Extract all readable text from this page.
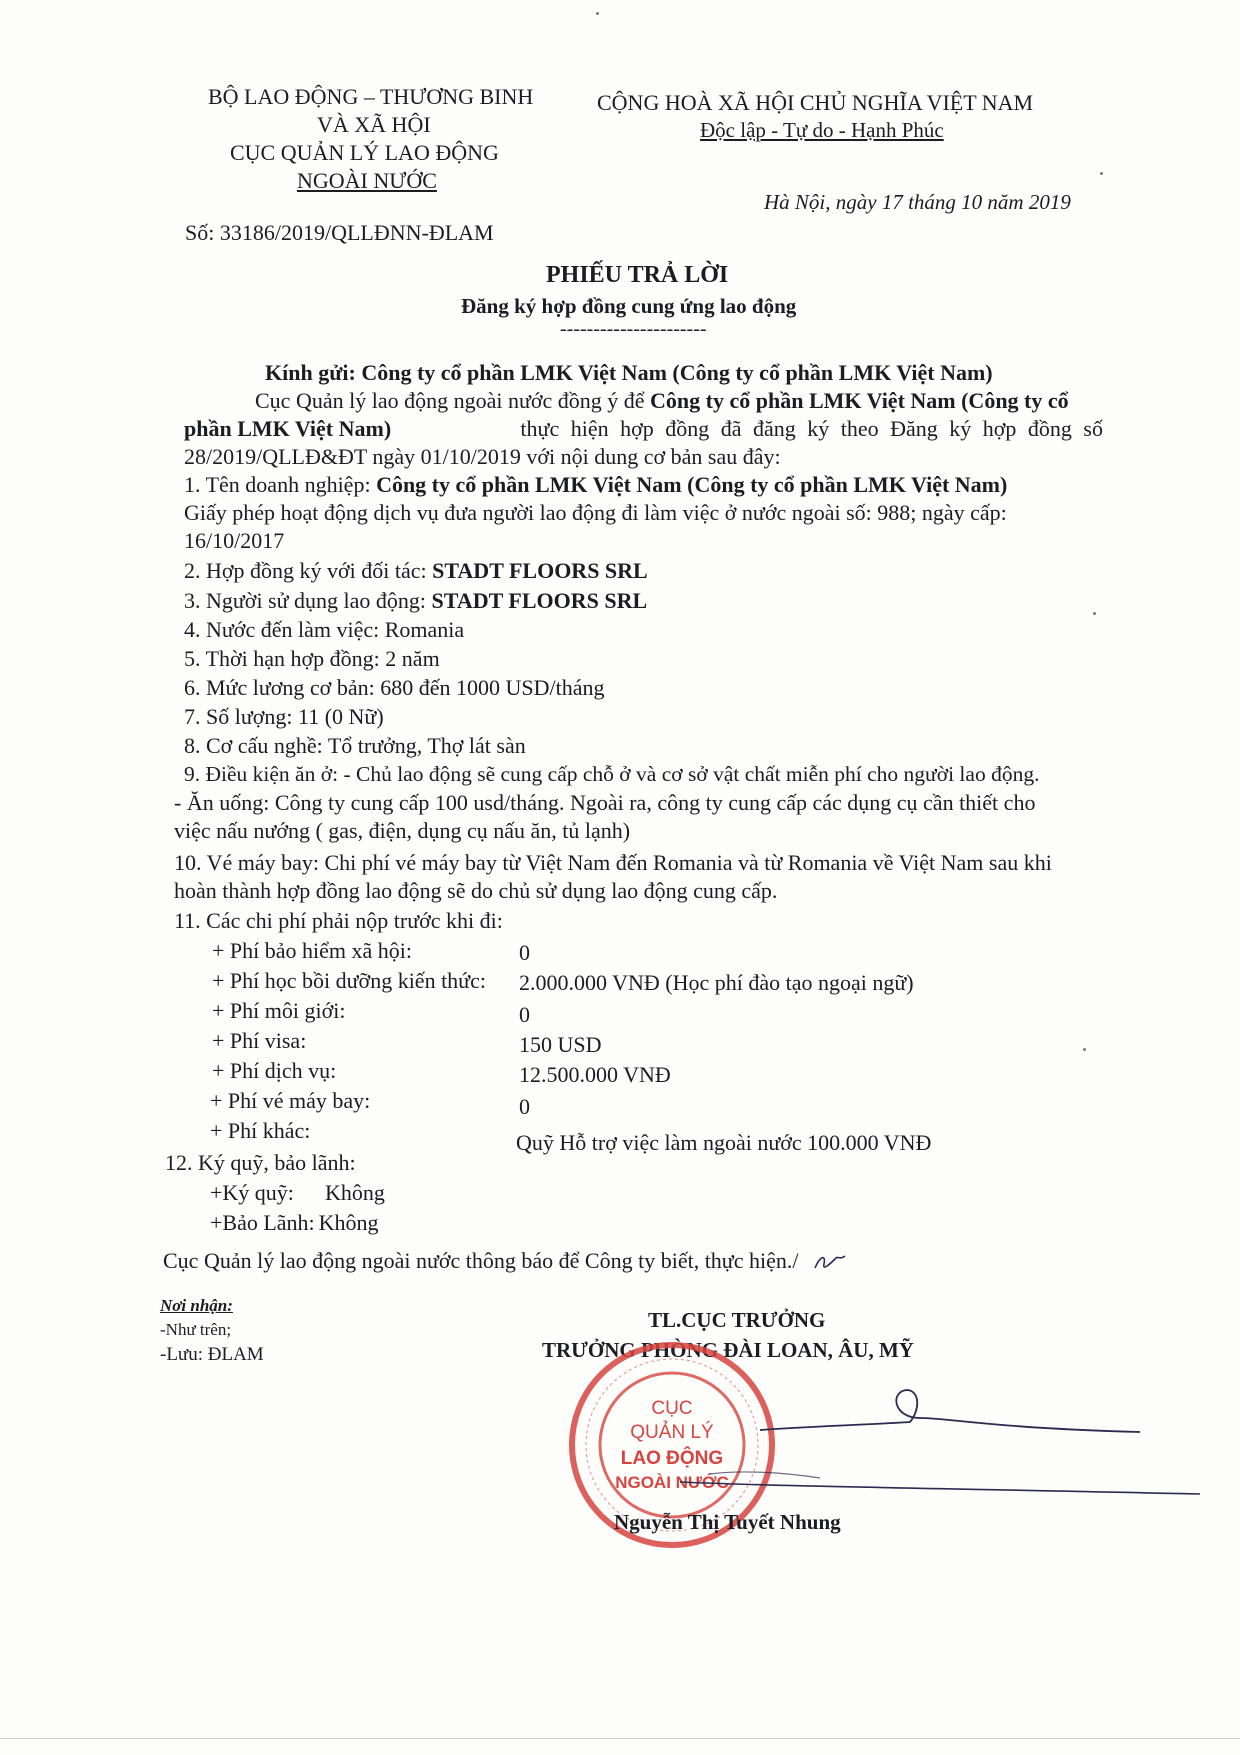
BỘ LAO ĐỘNG – THƯƠNG BINH
VÀ XÃ HỘI
CỤC QUẢN LÝ LAO ĐỘNG
NGOÀI NƯỚC
Số: 33186/2019/QLLĐNN-ĐLAM
CỘNG HOÀ XÃ HỘI CHỦ NGHĨA VIỆT NAM
Độc lập - Tự do - Hạnh Phúc
Hà Nội, ngày 17 tháng 10 năm 2019
PHIẾU TRẢ LỜI
Đăng ký hợp đồng cung ứng lao động
----------------------
Kính gửi: Công ty cổ phần LMK Việt Nam (Công ty cổ phần LMK Việt Nam)
Cục Quản lý lao động ngoài nước đồng ý để Công ty cổ phần LMK Việt Nam (Công ty cổ
phần LMK Việt Nam)	thực hiện hợp đồng đã đăng ký theo Đăng ký hợp đồng số
28/2019/QLLĐ&ĐT ngày 01/10/2019 với nội dung cơ bản sau đây:
1. Tên doanh nghiệp: Công ty cổ phần LMK Việt Nam (Công ty cổ phần LMK Việt Nam)
Giấy phép hoạt động dịch vụ đưa người lao động đi làm việc ở nước ngoài số: 988; ngày cấp:
16/10/2017
2. Hợp đồng ký với đối tác: STADT FLOORS SRL
3. Người sử dụng lao động: STADT FLOORS SRL
4. Nước đến làm việc: Romania
5. Thời hạn hợp đồng: 2 năm
6. Mức lương cơ bản: 680 đến 1000 USD/tháng
7. Số lượng: 11 (0 Nữ)
8. Cơ cấu nghề: Tổ trưởng, Thợ lát sàn
9. Điều kiện ăn ở: - Chủ lao động sẽ cung cấp chỗ ở và cơ sở vật chất miễn phí cho người lao động.
- Ăn uống: Công ty cung cấp 100 usd/tháng. Ngoài ra, công ty cung cấp các dụng cụ cần thiết cho
việc nấu nướng ( gas, điện, dụng cụ nấu ăn, tủ lạnh)
10. Vé máy bay: Chi phí vé máy bay từ Việt Nam đến Romania và từ Romania về Việt Nam sau khi
hoàn thành hợp đồng lao động sẽ do chủ sử dụng lao động cung cấp.
11. Các chi phí phải nộp trước khi đi:
+ Phí bảo hiểm xã hội:	0
+ Phí học bồi dưỡng kiến thức: 2.000.000 VNĐ (Học phí đào tạo ngoại ngữ)
+ Phí môi giới:	0
+ Phí visa:	150 USD
+ Phí dịch vụ:	12.500.000 VNĐ
+ Phí vé máy bay:	0
+ Phí khác:	Quỹ Hỗ trợ việc làm ngoài nước 100.000 VNĐ
12. Ký quỹ, bảo lãnh:
+Ký quỹ: Không
+Bảo Lãnh: Không
Cục Quản lý lao động ngoài nước thông báo để Công ty biết, thực hiện./
Nơi nhận:
-Như trên;
-Lưu: ĐLAM
TL.CỤC TRƯỞNG
TRƯỞNG PHÒNG ĐÀI LOAN, ÂU, MỸ
CỤC
QUẢN LÝ
LAO ĐỘNG
NGOÀI NƯỚC
Nguyễn Thị Tuyết Nhung
